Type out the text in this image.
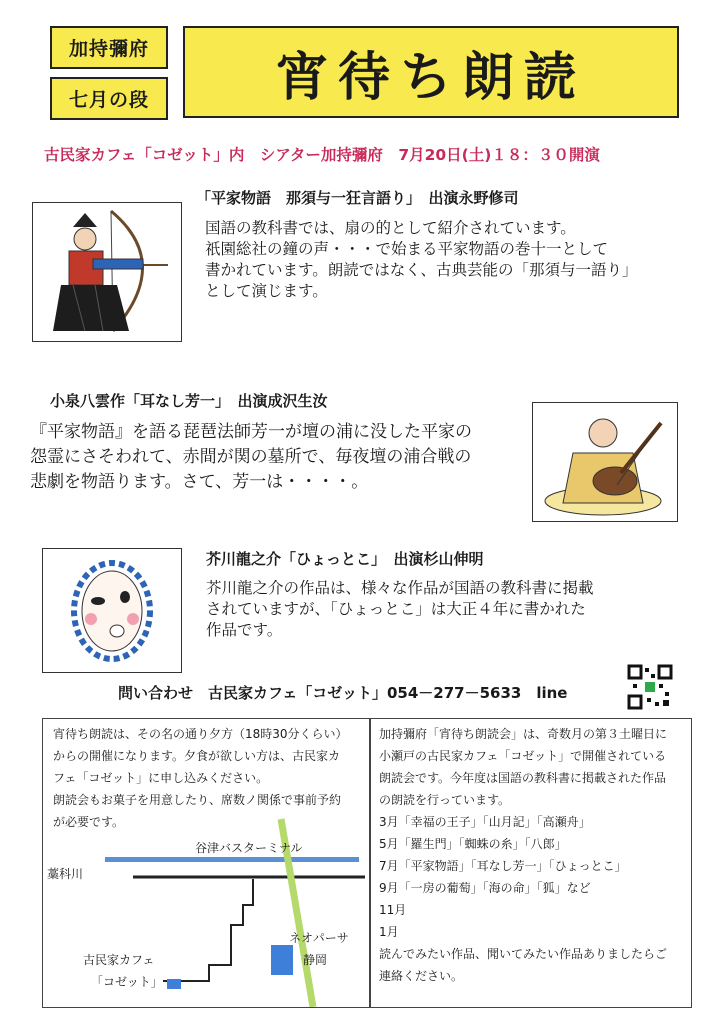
加持彌府
七月の段 宵待ち朗読
古民家カフェ「コゼット」内　シアター加持彌府　7月20日(土)１８：３０開演
「平家物語　那須与一狂言語り」　出演永野修司
国語の教科書では、扇の的として紹介されています。
祇園総社の鐘の声・・・で始まる平家物語の巻十一として
書かれています。朗読ではなく、古典芸能の「那須与一語り」
として演じます。
小泉八雲作「耳なし芳一」　出演成沢生汝
『平家物語』を語る琵琶法師芳一が壇の浦に没した平家の
怨霊にさそわれて、赤間が関の墓所で、毎夜壇の浦合戦の
悲劇を物語ります。さて、芳一は・・・・。
芥川龍之介「ひょっとこ」　出演杉山伸明
芥川龍之介の作品は、様々な作品が国語の教科書に掲載
されていますが、「ひょっとこ」は大正４年に書かれた
作品です。
問い合わせ　古民家カフェ「コゼット」054－277－5633　line
宵待ち朗読は、その名の通り夕方（18時30分くらい）
からの開催になります。夕食が欲しい方は、古民家カ
フェ「コゼット」に申し込みください。
朗読会もお菓子を用意したり、席数ノ関係で事前予約
が必要です。
谷津バスターミナル
藁科川
ネオパーサ
静岡
古民家カフェ
「コゼット」
加持彌府「宵待ち朗読会」は、奇数月の第３土曜日に
小瀬戸の古民家カフェ「コゼット」で開催されている
朗読会です。今年度は国語の教科書に掲載された作品
の朗読を行っています。
3月「幸福の王子」「山月記」「高瀬舟」
5月「羅生門」「蜘蛛の糸」「八郎」
7月「平家物語」「耳なし芳一」「ひょっとこ」
9月「一房の葡萄」「海の命」「狐」など
11月
1月
読んでみたい作品、聞いてみたい作品ありましたらご
連絡ください。
